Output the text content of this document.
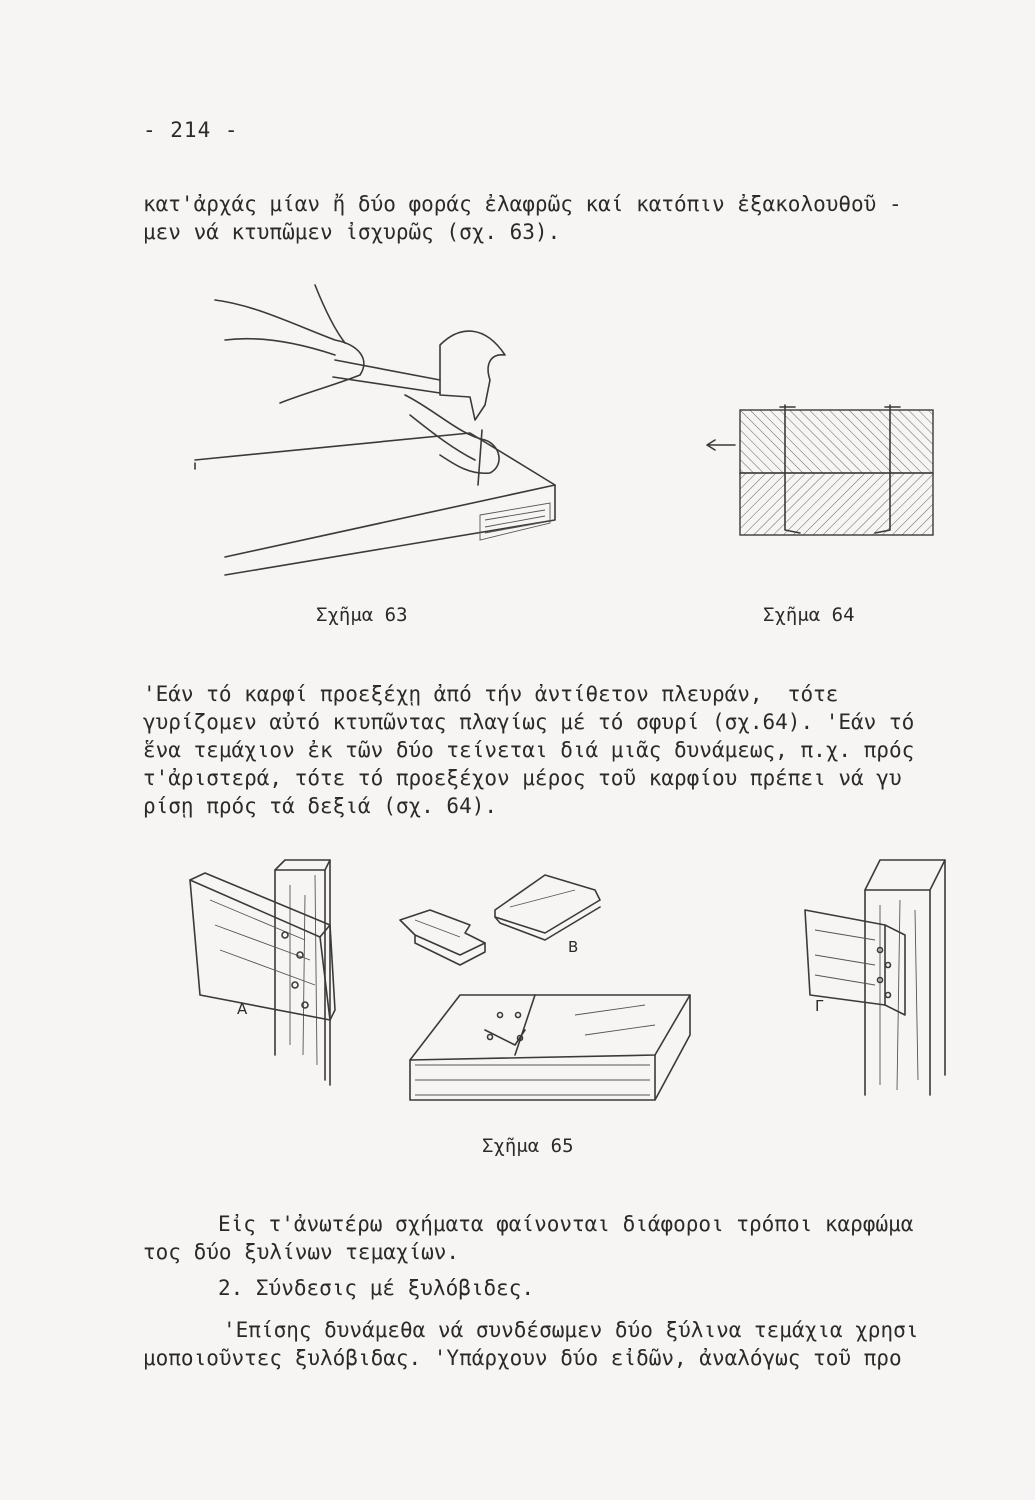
- 214 -

κατ'ἀρχάς μίαν ἤ δύο φοράς ἐλαφρῶς καί κατόπιν ἐξακολουθοῦ -
μεν νά κτυπῶμεν ἰσχυρῶς (σχ. 63).

Σχῆμα 63	Σχῆμα 64

'Εάν τό καρφί προεξέχῃ ἀπό τήν ἀντίθετον πλευράν,  τότε
γυρίζομεν αὐτό κτυπῶντας πλαγίως μέ τό σφυρί (σχ.64). 'Εάν τό
ἕνα τεμάχιον ἐκ τῶν δύο τείνεται διά μιᾶς δυνάμεως, π.χ. πρός
τ'ἀριστερά, τότε τό προεξέχον μέρος τοῦ καρφίου πρέπει νά γυ
ρίσῃ πρός τά δεξιά (σχ. 64).

Α
Β
Γ
Σχῆμα 65

Εἰς τ'ἀνωτέρω σχήματα φαίνονται διάφοροι τρόποι καρφώμα
τος δύο ξυλίνων τεμαχίων.

2. Σύνδεσις μέ ξυλόβιδες.

'Επίσης δυνάμεθα νά συνδέσωμεν δύο ξύλινα τεμάχια χρησι
μοποιοῦντες ξυλόβιδας. 'Υπάρχουν δύο εἰδῶν, ἀναλόγως τοῦ προ
